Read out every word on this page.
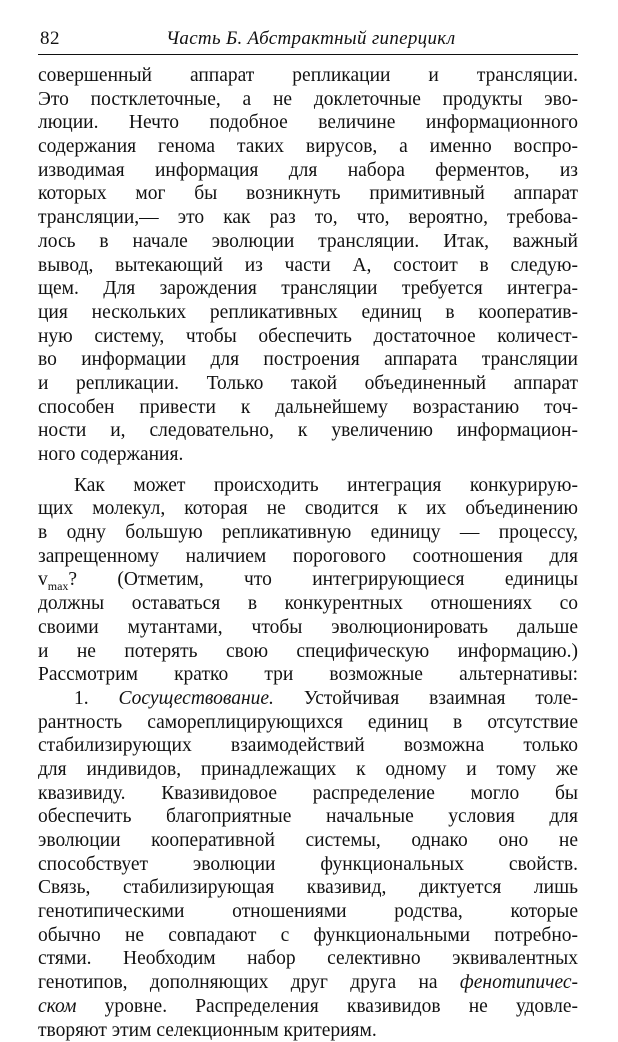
82	Часть Б. Абстрактный гиперцикл
совершенный аппарат репликации и трансляции.
Это постклеточные, а не доклеточные продукты эво-
люции. Нечто подобное величине информационного
содержания генома таких вирусов, а именно воспро-
изводимая информация для набора ферментов, из
которых мог бы возникнуть примитивный аппарат
трансляции,— это как раз то, что, вероятно, требова-
лось в начале эволюции трансляции. Итак, важный
вывод, вытекающий из части А, состоит в следую-
щем. Для зарождения трансляции требуется интегра-
ция нескольких репликативных единиц в кооператив-
ную систему, чтобы обеспечить достаточное количест-
во информации для построения аппарата трансляции
и репликации. Только такой объединенный аппарат
способен привести к дальнейшему возрастанию точ-
ности и, следовательно, к увеличению информацион-
ного содержания.
Как может происходить интеграция конкурирую-
щих молекул, которая не сводится к их объединению
в одну большую репликативную единицу — процессу,
запрещенному наличием порогового соотношения для
$v_{max}$? (Отметим, что интегрирующиеся единицы
должны оставаться в конкурентных отношениях со
своими мутантами, чтобы эволюционировать дальше
и не потерять свою специфическую информацию.)
Рассмотрим кратко три возможные альтернативы:
1. Сосуществование. Устойчивая взаимная толе-
рантность самореплицирующихся единиц в отсутствие
стабилизирующих взаимодействий возможна только
для индивидов, принадлежащих к одному и тому же
квазивиду. Квазивидовое распределение могло бы
обеспечить благоприятные начальные условия для
эволюции кооперативной системы, однако оно не
способствует эволюции функциональных свойств.
Связь, стабилизирующая квазивид, диктуется лишь
генотипическими отношениями родства, которые
обычно не совпадают с функциональными потребно-
стями. Необходим набор селективно эквивалентных
генотипов, дополняющих друг друга на фенотипичес-
ском уровне. Распределения квазивидов не удовле-
творяют этим селекционным критериям.
